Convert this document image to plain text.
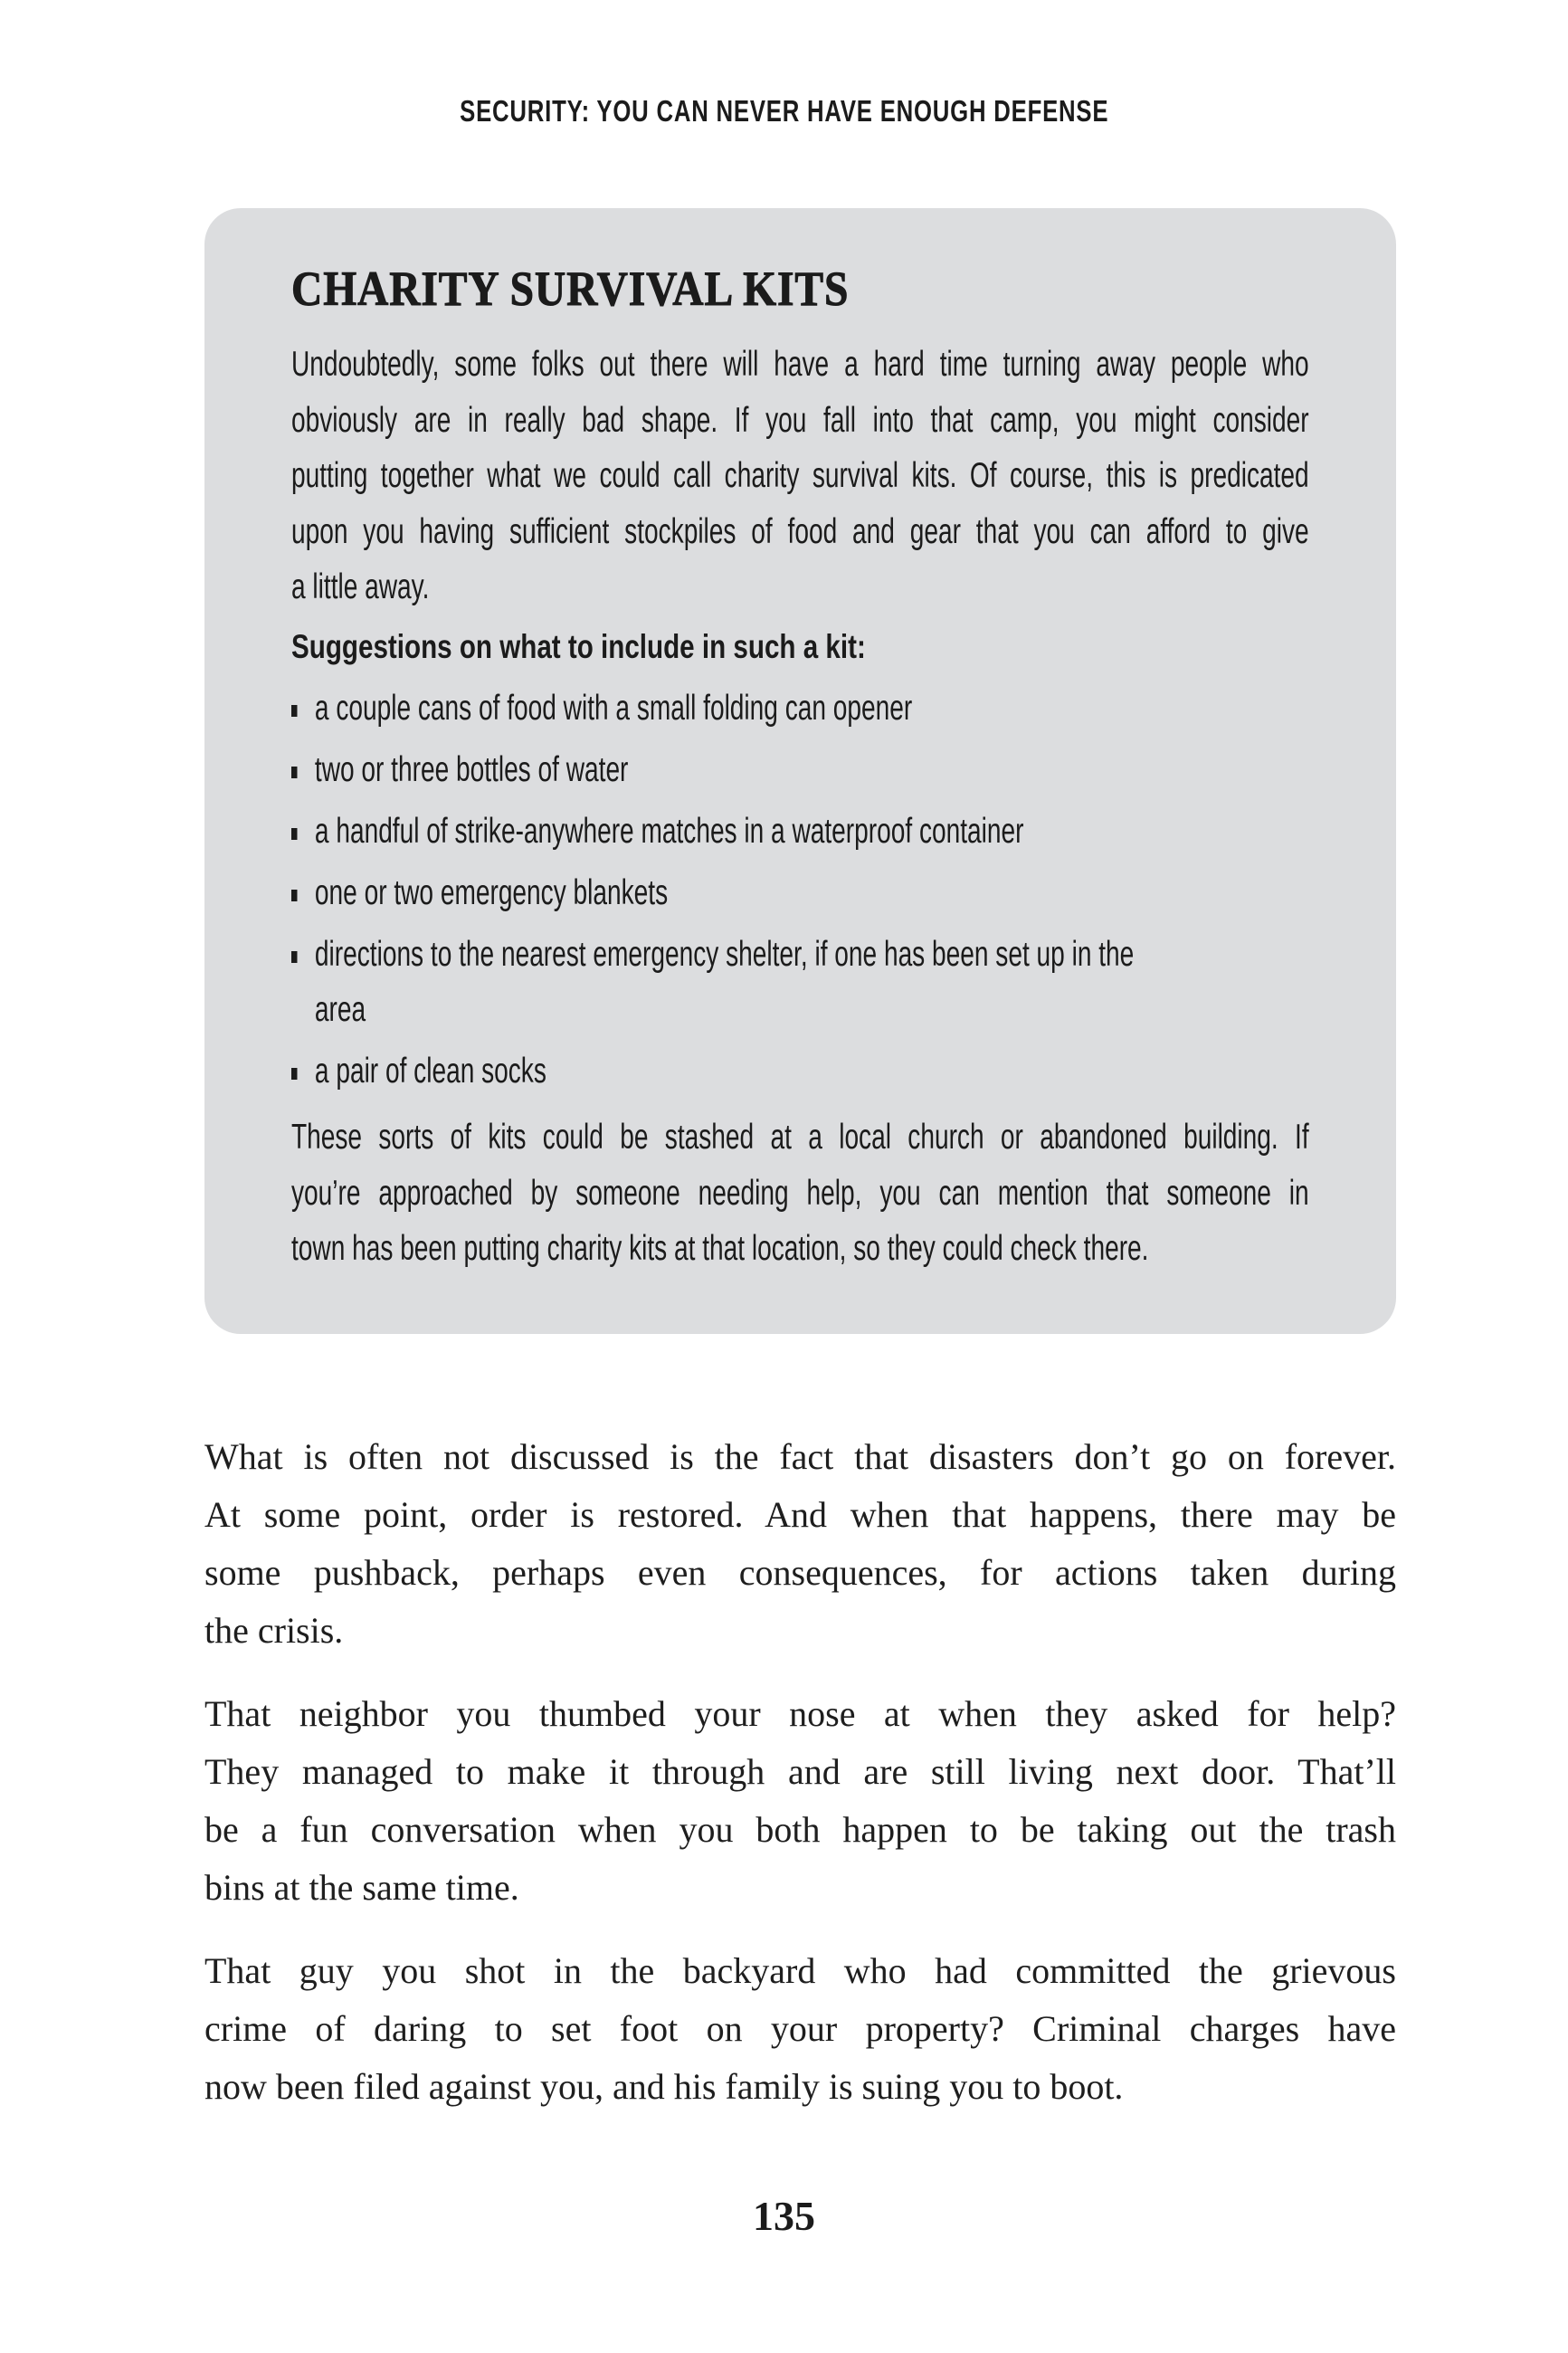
SECURITY: YOU CAN NEVER HAVE ENOUGH DEFENSE
CHARITY SURVIVAL KITS
Undoubtedly, some folks out there will have a hard time turning away people who
obviously are in really bad shape. If you fall into that camp, you might consider
putting together what we could call charity survival kits. Of course, this is predicated
upon you having sufficient stockpiles of food and gear that you can afford to give
a little away.
Suggestions on what to include in such a kit:
a couple cans of food with a small folding can opener
two or three bottles of water
a handful of strike-anywhere matches in a waterproof container
one or two emergency blankets
directions to the nearest emergency shelter, if one has been set up in the
area
a pair of clean socks
These sorts of kits could be stashed at a local church or abandoned building. If
you’re approached by someone needing help, you can mention that someone in
town has been putting charity kits at that location, so they could check there.
What is often not discussed is the fact that disasters don’t go on forever.
At some point, order is restored. And when that happens, there may be
some pushback, perhaps even consequences, for actions taken during
the crisis.
That neighbor you thumbed your nose at when they asked for help?
They managed to make it through and are still living next door. That’ll
be a fun conversation when you both happen to be taking out the trash
bins at the same time.
That guy you shot in the backyard who had committed the grievous
crime of daring to set foot on your property? Criminal charges have
now been filed against you, and his family is suing you to boot.
135
